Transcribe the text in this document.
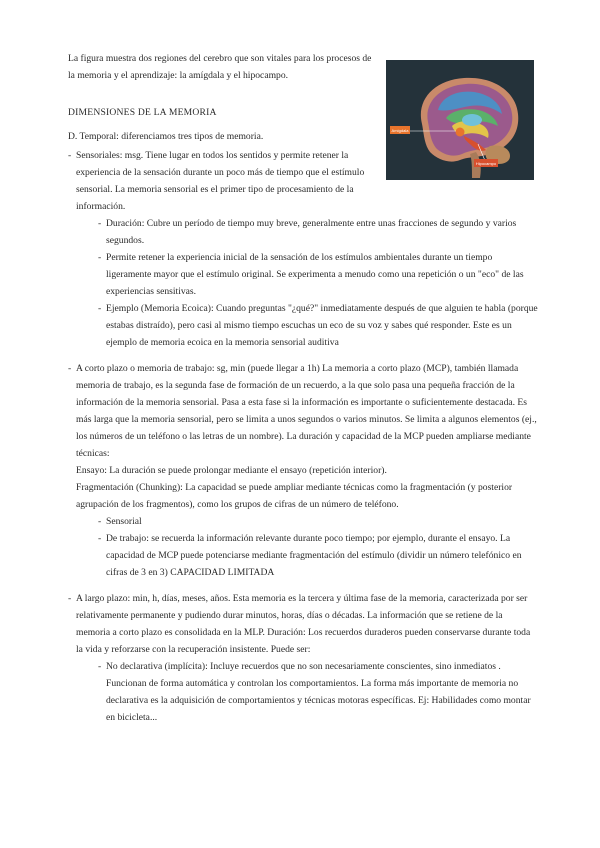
La figura muestra dos regiones del cerebro que son vitales para los procesos de la memoria y el aprendizaje: la amígdala y el hipocampo.

Amígdala
Hipocampo

DIMENSIONES DE LA MEMORIA

D. Temporal: diferenciamos tres tipos de memoria.

- Sensoriales: msg. Tiene lugar en todos los sentidos y permite retener la experiencia de la sensación durante un poco más de tiempo que el estímulo sensorial. La memoria sensorial es el primer tipo de procesamiento de la información.

- Duración: Cubre un período de tiempo muy breve, generalmente entre unas fracciones de segundo y varios segundos.

- Permite retener la experiencia inicial de la sensación de los estímulos ambientales durante un tiempo ligeramente mayor que el estímulo original. Se experimenta a menudo como una repetición o un "eco" de las experiencias sensitivas.

- Ejemplo (Memoria Ecoica): Cuando preguntas "¿qué?" inmediatamente después de que alguien te habla (porque estabas distraído), pero casi al mismo tiempo escuchas un eco de su voz y sabes qué responder. Este es un ejemplo de memoria ecoica en la memoria sensorial auditiva

- A corto plazo o memoria de trabajo: sg, min (puede llegar a 1h) La memoria a corto plazo (MCP), también llamada memoria de trabajo, es la segunda fase de formación de un recuerdo, a la que solo pasa una pequeña fracción de la información de la memoria sensorial. Pasa a esta fase si la información es importante o suficientemente destacada. Es más larga que la memoria sensorial, pero se limita a unos segundos o varios minutos. Se limita a algunos elementos (ej., los números de un teléfono o las letras de un nombre). La duración y capacidad de la MCP pueden ampliarse mediante técnicas:

Ensayo: La duración se puede prolongar mediante el ensayo (repetición interior).

Fragmentación (Chunking): La capacidad se puede ampliar mediante técnicas como la fragmentación (y posterior agrupación de los fragmentos), como los grupos de cifras de un número de teléfono.

- Sensorial

- De trabajo: se recuerda la información relevante durante poco tiempo; por ejemplo, durante el ensayo. La capacidad de MCP puede potenciarse mediante fragmentación del estímulo (dividir un número telefónico en cifras de 3 en 3) CAPACIDAD LIMITADA

- A largo plazo: min, h, días, meses, años. Esta memoria es la tercera y última fase de la memoria, caracterizada por ser relativamente permanente y pudiendo durar minutos, horas, días o décadas. La información que se retiene de la memoria a corto plazo es consolidada en la MLP. Duración: Los recuerdos duraderos pueden conservarse durante toda la vida y reforzarse con la recuperación insistente. Puede ser:

- No declarativa (implícita): Incluye recuerdos que no son necesariamente conscientes, sino inmediatos . Funcionan de forma automática y controlan los comportamientos. La forma más importante de memoria no declarativa es la adquisición de comportamientos y técnicas motoras específicas. Ej: Habilidades como montar en bicicleta...
